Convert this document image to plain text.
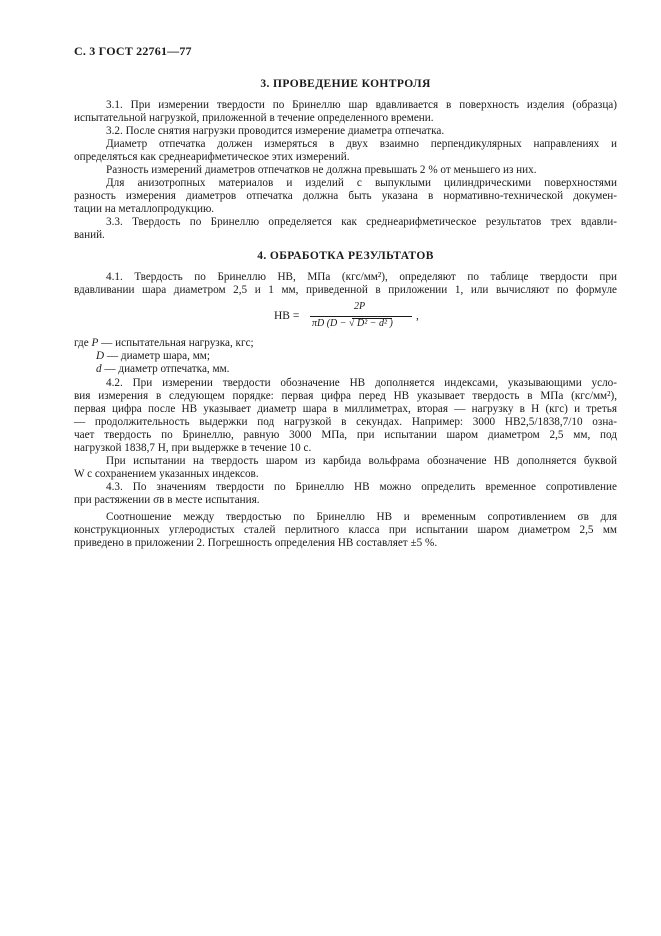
С. 3 ГОСТ 22761—77
3. ПРОВЕДЕНИЕ КОНТРОЛЯ
3.1. При измерении твердости по Бринеллю шар вдавливается в поверхность изделия (образца)
испытательной нагрузкой, приложенной в течение определенного времени.
3.2. После снятия нагрузки проводится измерение диаметра отпечатка.
Диаметр отпечатка должен измеряться в двух взаимно перпендикулярных направлениях и
определяться как среднеарифметическое этих измерений.
Разность измерений диаметров отпечатков не должна превышать 2 % от меньшего из них.
Для анизотропных материалов и изделий с выпуклыми цилиндрическими поверхностями
разность измерения диаметров отпечатка должна быть указана в нормативно-технической докумен-
тации на металлопродукцию.
3.3. Твердость по Бринеллю определяется как среднеарифметическое результатов трех вдавли-
ваний.
4. ОБРАБОТКА РЕЗУЛЬТАТОВ
4.1. Твердость по Бринеллю НВ, МПа (кгс/мм²), определяют по таблице твердости при
вдавливании шара диаметром 2,5 и 1 мм, приведенной в приложении 1, или вычисляют по формуле
HB =
2P
πD (D − √ D² − d² )
,
где P — испытательная нагрузка, кгс;
D — диаметр шара, мм;
d — диаметр отпечатка, мм.
4.2. При измерении твердости обозначение НВ дополняется индексами, указывающими усло-
вия измерения в следующем порядке: первая цифра перед НВ указывает твердость в МПа (кгс/мм²),
первая цифра после НВ указывает диаметр шара в миллиметрах, вторая — нагрузку в Н (кгс) и третья
— продолжительность выдержки под нагрузкой в секундах. Например: 3000 НВ2,5/1838,7/10 озна-
чает твердость по Бринеллю, равную 3000 МПа, при испытании шаром диаметром 2,5 мм, под
нагрузкой 1838,7 Н, при выдержке в течение 10 с.
При испытании на твердость шаром из карбида вольфрама обозначение НВ дополняется буквой
W с сохранением указанных индексов.
4.3. По значениям твердости по Бринеллю НВ можно определить временное сопротивление
при растяжении σв в месте испытания.
Соотношение между твердостью по Бринеллю НВ и временным сопротивлением σв для
конструкционных углеродистых сталей перлитного класса при испытании шаром диаметром 2,5 мм
приведено в приложении 2. Погрешность определения НВ составляет ±5 %.
